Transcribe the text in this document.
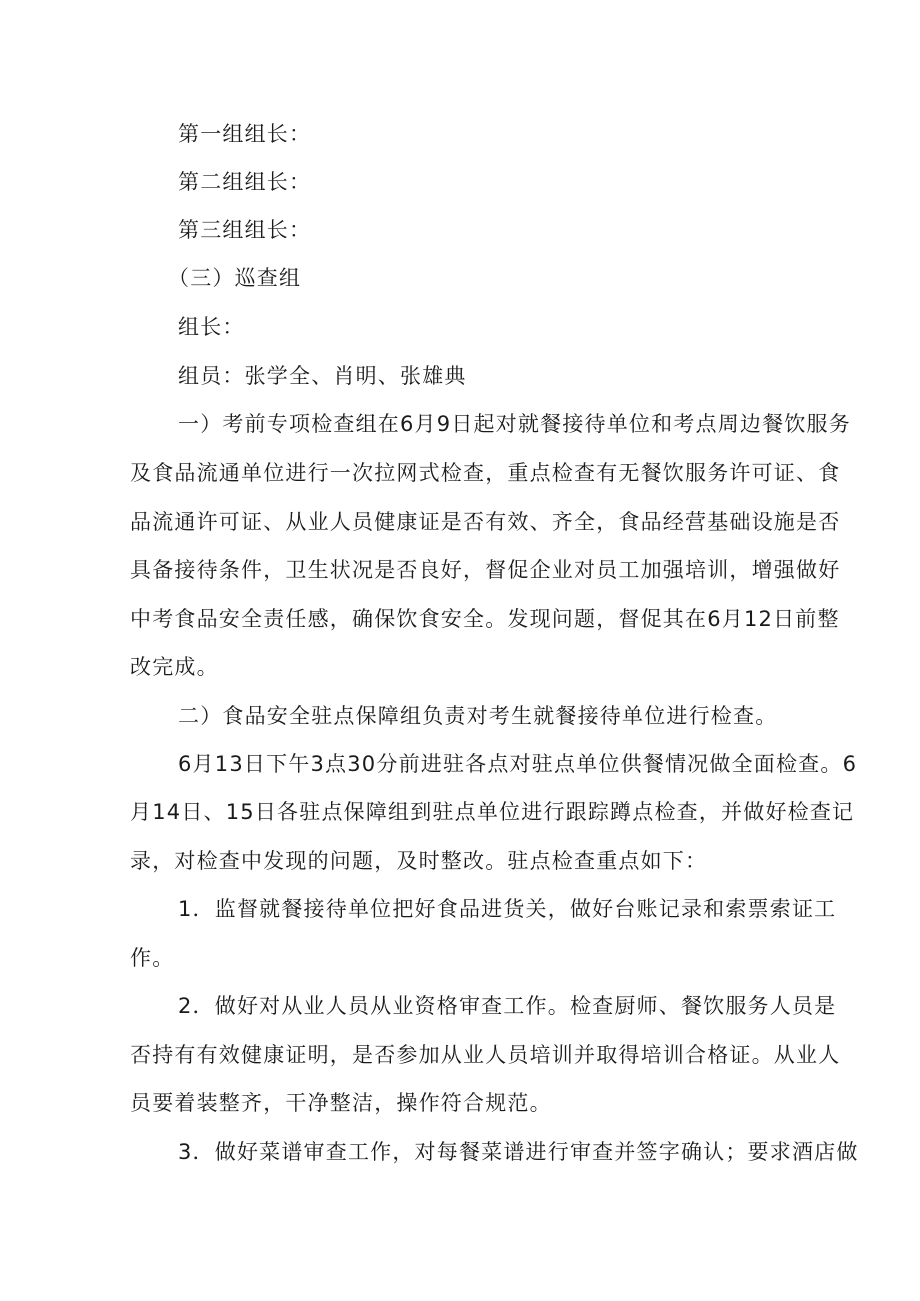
第一组组长：
第二组组长：
第三组组长：
（三）巡查组
组长：
组员：张学全、肖明、张雄典
一）考前专项检查组在6月9日起对就餐接待单位和考点周边餐饮服务
及食品流通单位进行一次拉网式检查，重点检查有无餐饮服务许可证、食
品流通许可证、从业人员健康证是否有效、齐全，食品经营基础设施是否
具备接待条件，卫生状况是否良好，督促企业对员工加强培训，增强做好
中考食品安全责任感，确保饮食安全。发现问题，督促其在6月12日前整
改完成。
二）食品安全驻点保障组负责对考生就餐接待单位进行检查。
6月13日下午3点30分前进驻各点对驻点单位供餐情况做全面检查。6
月14日、15日各驻点保障组到驻点单位进行跟踪蹲点检查，并做好检查记
录，对检查中发现的问题，及时整改。驻点检查重点如下：
1．监督就餐接待单位把好食品进货关，做好台账记录和索票索证工
作。
2．做好对从业人员从业资格审查工作。检查厨师、餐饮服务人员是
否持有有效健康证明，是否参加从业人员培训并取得培训合格证。从业人
员要着装整齐，干净整洁，操作符合规范。
3．做好菜谱审查工作，对每餐菜谱进行审查并签字确认；要求酒店做
